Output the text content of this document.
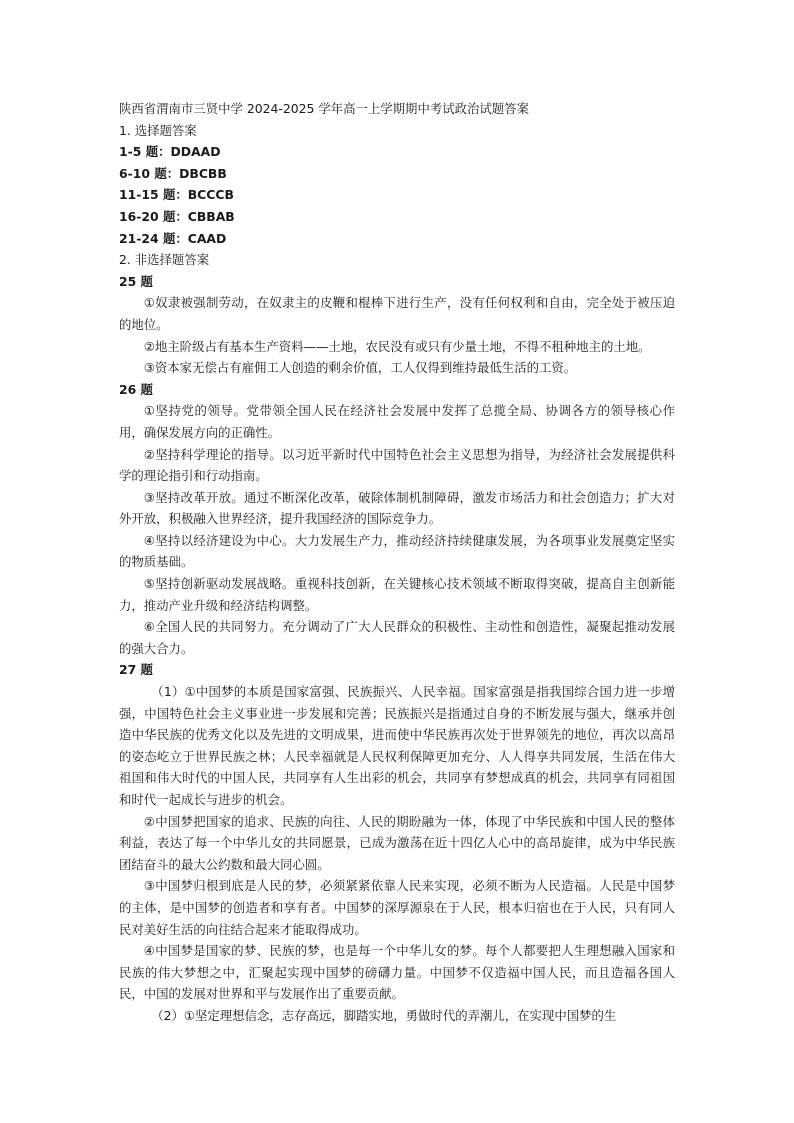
陕西省渭南市三贤中学 2024-2025 学年高一上学期期中考试政治试题答案
1. 选择题答案
1-5 题：DDAAD
6-10 题：DBCBB
11-15 题：BCCCB
16-20 题：CBBAB
21-24 题：CAAD
2. 非选择题答案
25 题

①奴隶被强制劳动，在奴隶主的皮鞭和棍棒下进行生产，没有任何权利和自由，完全处于被压迫的地位。

②地主阶级占有基本生产资料——土地，农民没有或只有少量土地，不得不租种地主的土地。

③资本家无偿占有雇佣工人创造的剩余价值，工人仅得到维持最低生活的工资。

26 题

①坚持党的领导。党带领全国人民在经济社会发展中发挥了总揽全局、协调各方的领导核心作用，确保发展方向的正确性。

②坚持科学理论的指导。以习近平新时代中国特色社会主义思想为指导，为经济社会发展提供科学的理论指引和行动指南。

③坚持改革开放。通过不断深化改革，破除体制机制障碍，激发市场活力和社会创造力；扩大对外开放，积极融入世界经济，提升我国经济的国际竞争力。

④坚持以经济建设为中心。大力发展生产力，推动经济持续健康发展，为各项事业发展奠定坚实的物质基础。

⑤坚持创新驱动发展战略。重视科技创新，在关键核心技术领域不断取得突破，提高自主创新能力，推动产业升级和经济结构调整。

⑥全国人民的共同努力。充分调动了广大人民群众的积极性、主动性和创造性，凝聚起推动发展的强大合力。

27 题

（1）①中国梦的本质是国家富强、民族振兴、人民幸福。国家富强是指我国综合国力进一步增强，中国特色社会主义事业进一步发展和完善；民族振兴是指通过自身的不断发展与强大，继承并创造中华民族的优秀文化以及先进的文明成果，进而使中华民族再次处于世界领先的地位，再次以高昂的姿态屹立于世界民族之林；人民幸福就是人民权利保障更加充分、人人得享共同发展，生活在伟大祖国和伟大时代的中国人民，共同享有人生出彩的机会，共同享有梦想成真的机会，共同享有同祖国和时代一起成长与进步的机会。

②中国梦把国家的追求、民族的向往、人民的期盼融为一体，体现了中华民族和中国人民的整体利益，表达了每一个中华儿女的共同愿景，已成为激荡在近十四亿人心中的高昂旋律，成为中华民族团结奋斗的最大公约数和最大同心圆。

③中国梦归根到底是人民的梦，必须紧紧依靠人民来实现，必须不断为人民造福。人民是中国梦的主体，是中国梦的创造者和享有者。中国梦的深厚源泉在于人民，根本归宿也在于人民，只有同人民对美好生活的向往结合起来才能取得成功。

④中国梦是国家的梦、民族的梦，也是每一个中华儿女的梦。每个人都要把人生理想融入国家和民族的伟大梦想之中，汇聚起实现中国梦的磅礴力量。中国梦不仅造福中国人民，而且造福各国人民，中国的发展对世界和平与发展作出了重要贡献。

（2）①坚定理想信念，志存高远，脚踏实地，勇做时代的弄潮儿，在实现中国梦的生
